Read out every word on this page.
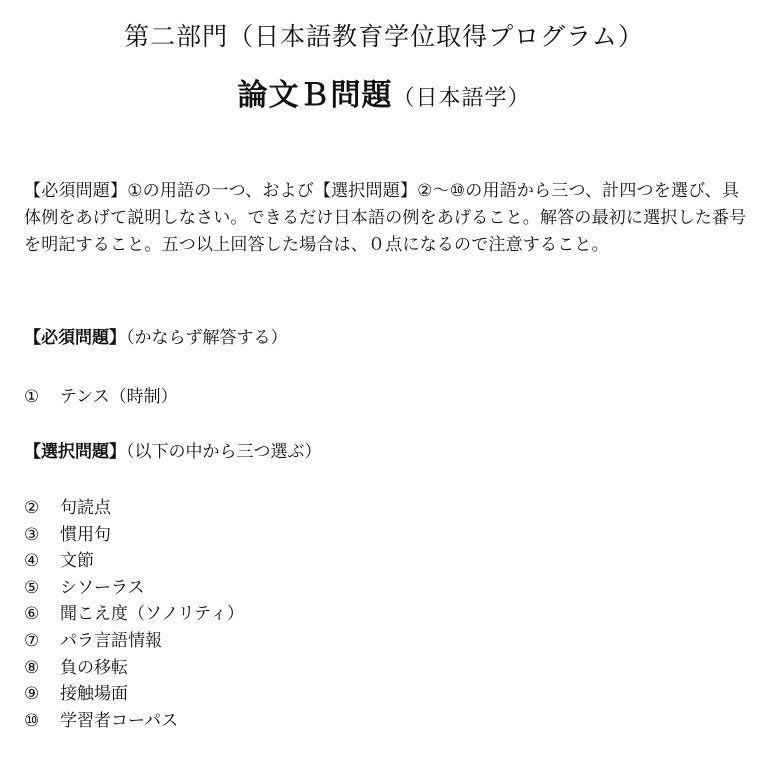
第二部門（日本語教育学位取得プログラム）
論文Ｂ問題（日本語学）

【必須問題】①の用語の一つ、および【選択問題】②〜⑩の用語から三つ、計四つを選び、具体例をあげて説明しなさい。できるだけ日本語の例をあげること。解答の最初に選択した番号を明記すること。五つ以上回答した場合は、０点になるので注意すること。

【必須問題】（かならず解答する）
① テンス（時制）
【選択問題】（以下の中から三つ選ぶ）
② 句読点
③ 慣用句
④ 文節
⑤ シソーラス
⑥ 聞こえ度（ソノリティ）
⑦ パラ言語情報
⑧ 負の移転
⑨ 接触場面
⑩ 学習者コーパス
